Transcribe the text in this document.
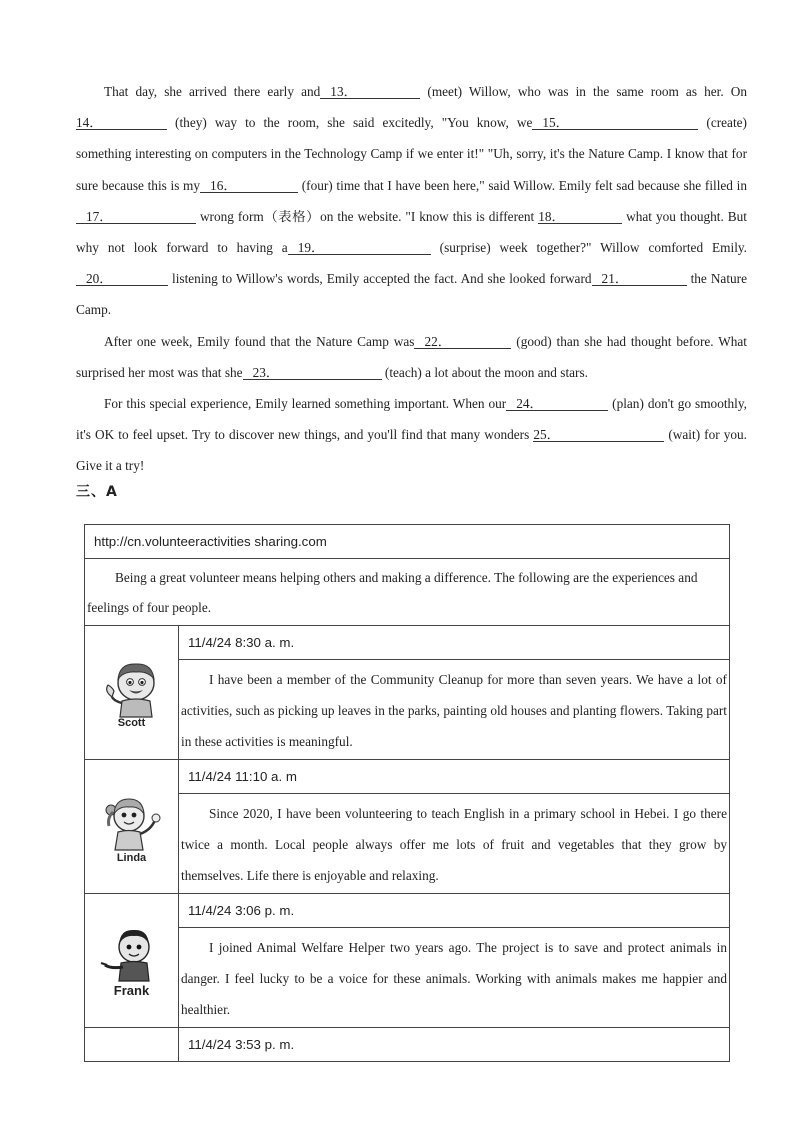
That day, she arrived there early and 13．	(meet) Willow, who was in the same room as her. On 14．	(they) way to the room, she said excitedly, "You know, we 15．	(create) something interesting on computers in the Technology Camp if we enter it!" "Uh, sorry, it's the Nature Camp. I know that for sure because this is my 16．	(four) time that I have been here," said Willow. Emily felt sad because she filled in 17．	wrong form（表格）on the website. "I know this is different 18．	what you thought. But why not look forward to having a 19．	(surprise) week together?" Willow comforted Emily. 20．	listening to Willow's words, Emily accepted the fact. And she looked forward 21．	the Nature Camp.

After one week, Emily found that the Nature Camp was 22．	(good) than she had thought before. What surprised her most was that she 23．	(teach) a lot about the moon and stars.

For this special experience, Emily learned something important. When our 24．	(plan) don't go smoothly, it's OK to feel upset. Try to discover new things, and you'll find that many wonders 25．	(wait) for you. Give it a try!

三、A
http://cn.volunteeractivities sharing.com	

Being a great volunteer means helping others and making a difference. The following are the experiences and feelings of four people.	

Scott	11/4/24 8:30 a. m.

	I have been a member of the Community Cleanup for more than seven years. We have a lot of activities, such as picking up leaves in the parks, painting old houses and planting flowers. Taking part in these activities is meaningful.

Linda	11/4/24 11:10 a. m

	Since 2020, I have been volunteering to teach English in a primary school in Hebei. I go there twice a month. Local people always offer me lots of fruit and vegetables that they grow by themselves. Life there is enjoyable and relaxing.

Frank	11/4/24 3:06 p. m.

	I joined Animal Welfare Helper two years ago. The project is to save and protect animals in danger. I feel lucky to be a voice for these animals. Working with animals makes me happier and healthier.

	11/4/24 3:53 p. m.
